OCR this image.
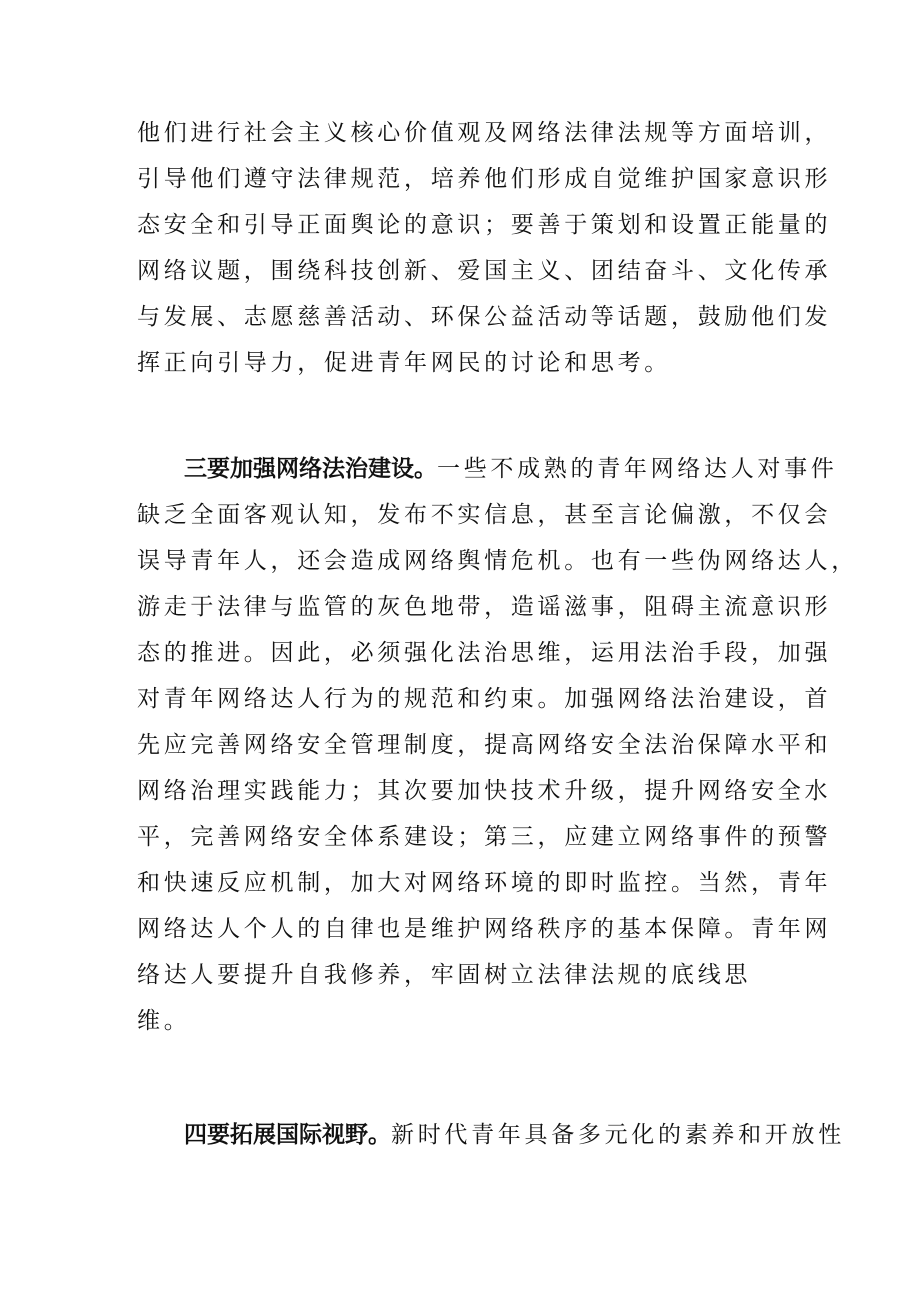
他们进行社会主义核心价值观及网络法律法规等方面培训，
引导他们遵守法律规范，培养他们形成自觉维护国家意识形
态安全和引导正面舆论的意识；要善于策划和设置正能量的
网络议题，围绕科技创新、爱国主义、团结奋斗、文化传承
与发展、志愿慈善活动、环保公益活动等话题，鼓励他们发
挥正向引导力，促进青年网民的讨论和思考。
三要加强网络法治建设。一些不成熟的青年网络达人对事件
缺乏全面客观认知，发布不实信息，甚至言论偏激，不仅会
误导青年人，还会造成网络舆情危机。也有一些伪网络达人，
游走于法律与监管的灰色地带，造谣滋事，阻碍主流意识形
态的推进。因此，必须强化法治思维，运用法治手段，加强
对青年网络达人行为的规范和约束。加强网络法治建设，首
先应完善网络安全管理制度，提高网络安全法治保障水平和
网络治理实践能力；其次要加快技术升级，提升网络安全水
平，完善网络安全体系建设；第三，应建立网络事件的预警
和快速反应机制，加大对网络环境的即时监控。当然，青年
网络达人个人的自律也是维护网络秩序的基本保障。青年网
络达人要提升自我修养，牢固树立法律法规的底线思
维。
四要拓展国际视野。新时代青年具备多元化的素养和开放性
